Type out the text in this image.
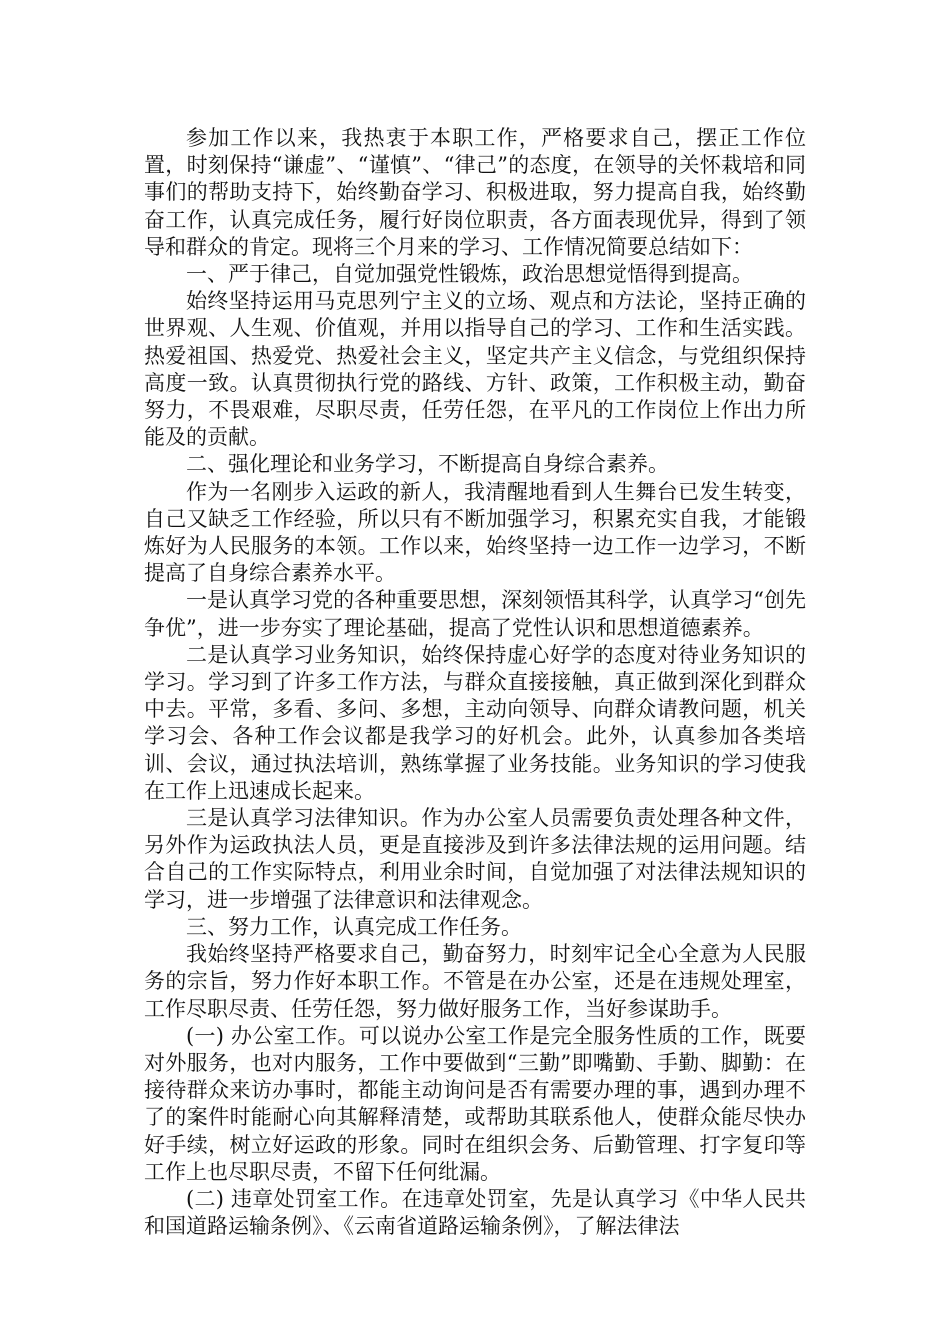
参加工作以来，我热衷于本职工作，严格要求自己，摆正工作位置，时刻保持“谦虚”、“谨慎”、“律己”的态度，在领导的关怀栽培和同事们的帮助支持下，始终勤奋学习、积极进取，努力提高自我，始终勤奋工作，认真完成任务，履行好岗位职责，各方面表现优异，得到了领导和群众的肯定。现将三个月来的学习、工作情况简要总结如下：

一、严于律己，自觉加强党性锻炼，政治思想觉悟得到提高。

始终坚持运用马克思列宁主义的立场、观点和方法论，坚持正确的世界观、人生观、价值观，并用以指导自己的学习、工作和生活实践。热爱祖国、热爱党、热爱社会主义，坚定共产主义信念，与党组织保持高度一致。认真贯彻执行党的路线、方针、政策，工作积极主动，勤奋努力，不畏艰难，尽职尽责，任劳任怨，在平凡的工作岗位上作出力所能及的贡献。

二、强化理论和业务学习，不断提高自身综合素养。

作为一名刚步入运政的新人，我清醒地看到人生舞台已发生转变，自己又缺乏工作经验，所以只有不断加强学习，积累充实自我，才能锻炼好为人民服务的本领。工作以来，始终坚持一边工作一边学习，不断提高了自身综合素养水平。

一是认真学习党的各种重要思想，深刻领悟其科学，认真学习“创先争优”，进一步夯实了理论基础，提高了党性认识和思想道德素养。

二是认真学习业务知识，始终保持虚心好学的态度对待业务知识的学习。学习到了许多工作方法，与群众直接接触，真正做到深化到群众中去。平常，多看、多问、多想，主动向领导、向群众请教问题，机关学习会、各种工作会议都是我学习的好机会。此外，认真参加各类培训、会议，通过执法培训，熟练掌握了业务技能。业务知识的学习使我在工作上迅速成长起来。

三是认真学习法律知识。作为办公室人员需要负责处理各种文件，另外作为运政执法人员，更是直接涉及到许多法律法规的运用问题。结合自己的工作实际特点，利用业余时间，自觉加强了对法律法规知识的学习，进一步增强了法律意识和法律观念。

三、努力工作，认真完成工作任务。

我始终坚持严格要求自己，勤奋努力，时刻牢记全心全意为人民服务的宗旨，努力作好本职工作。不管是在办公室，还是在违规处理室，工作尽职尽责、任劳任怨，努力做好服务工作，当好参谋助手。

(一) 办公室工作。可以说办公室工作是完全服务性质的工作，既要对外服务，也对内服务，工作中要做到“三勤”即嘴勤、手勤、脚勤：在接待群众来访办事时，都能主动询问是否有需要办理的事，遇到办理不了的案件时能耐心向其解释清楚，或帮助其联系他人，使群众能尽快办好手续，树立好运政的形象。同时在组织会务、后勤管理、打字复印等工作上也尽职尽责，不留下任何纰漏。

(二) 违章处罚室工作。在违章处罚室，先是认真学习《中华人民共和国道路运输条例》、《云南省道路运输条例》，了解法律法
